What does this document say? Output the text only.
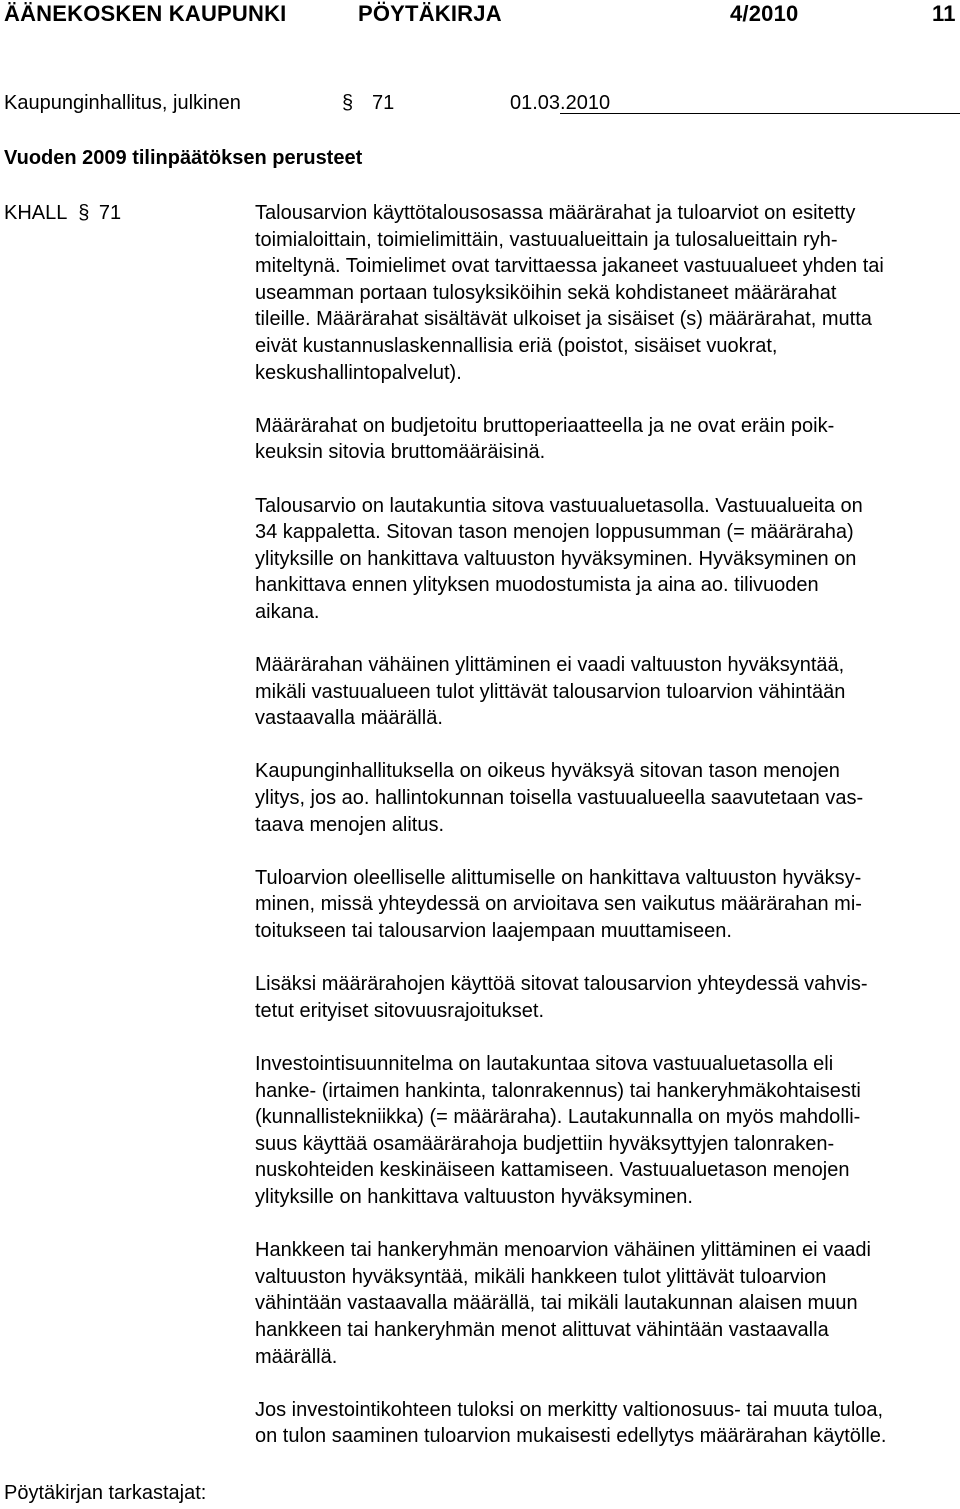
ÄÄNEKOSKEN KAUPUNKI	PÖYTÄKIRJA	4/2010	11
Kaupunginhallitus, julkinen	§ 71	01.03.2010
Vuoden 2009 tilinpäätöksen perusteet
KHALL § 71	Talousarvion käyttötalousosassa määrärahat ja tuloarviot on esitetty
toimialoittain, toimielimittäin, vastuualueittain ja tulosalueittain ryh-
miteltynä. Toimielimet ovat tarvittaessa jakaneet vastuualueet yhden tai
useamman portaan tulosyksiköihin sekä kohdistaneet määrärahat
tileille. Määrärahat sisältävät ulkoiset ja sisäiset (s) määrärahat, mutta
eivät kustannuslaskennallisia eriä (poistot, sisäiset vuokrat,
keskushallintopalvelut).
Määrärahat on budjetoitu bruttoperiaatteella ja ne ovat eräin poik-
keuksin sitovia bruttomääräisinä.
Talousarvio on lautakuntia sitova vastuualuetasolla. Vastuualueita on
34 kappaletta. Sitovan tason menojen loppusumman (= määräraha)
ylityksille on hankittava valtuuston hyväksyminen. Hyväksyminen on
hankittava ennen ylityksen muodostumista ja aina ao. tilivuoden
aikana.
Määrärahan vähäinen ylittäminen ei vaadi valtuuston hyväksyntää,
mikäli vastuualueen tulot ylittävät talousarvion tuloarvion vähintään
vastaavalla määrällä.
Kaupunginhallituksella on oikeus hyväksyä sitovan tason menojen
ylitys, jos ao. hallintokunnan toisella vastuualueella saavutetaan vas-
taava menojen alitus.
Tuloarvion oleelliselle alittumiselle on hankittava valtuuston hyväksy-
minen, missä yhteydessä on arvioitava sen vaikutus määrärahan mi-
toitukseen tai talousarvion laajempaan muuttamiseen.
Lisäksi määrärahojen käyttöä sitovat talousarvion yhteydessä vahvis-
tetut erityiset sitovuusrajoitukset.
Investointisuunnitelma on lautakuntaa sitova vastuualuetasolla eli
hanke- (irtaimen hankinta, talonrakennus) tai hankeryhmäkohtaisesti
(kunnallistekniikka) (= määräraha). Lautakunnalla on myös mahdolli-
suus käyttää osamäärärahoja budjettiin hyväksyttyjen talonraken-
nuskohteiden keskinäiseen kattamiseen. Vastuualuetason menojen
ylityksille on hankittava valtuuston hyväksyminen.
Hankkeen tai hankeryhmän menoarvion vähäinen ylittäminen ei vaadi
valtuuston hyväksyntää, mikäli hankkeen tulot ylittävät tuloarvion
vähintään vastaavalla määrällä, tai mikäli lautakunnan alaisen muun
hankkeen tai hankeryhmän menot alittuvat vähintään vastaavalla
määrällä.
Jos investointikohteen tuloksi on merkitty valtionosuus- tai muuta tuloa,
on tulon saaminen tuloarvion mukaisesti edellytys määrärahan käytölle.
Pöytäkirjan tarkastajat:
